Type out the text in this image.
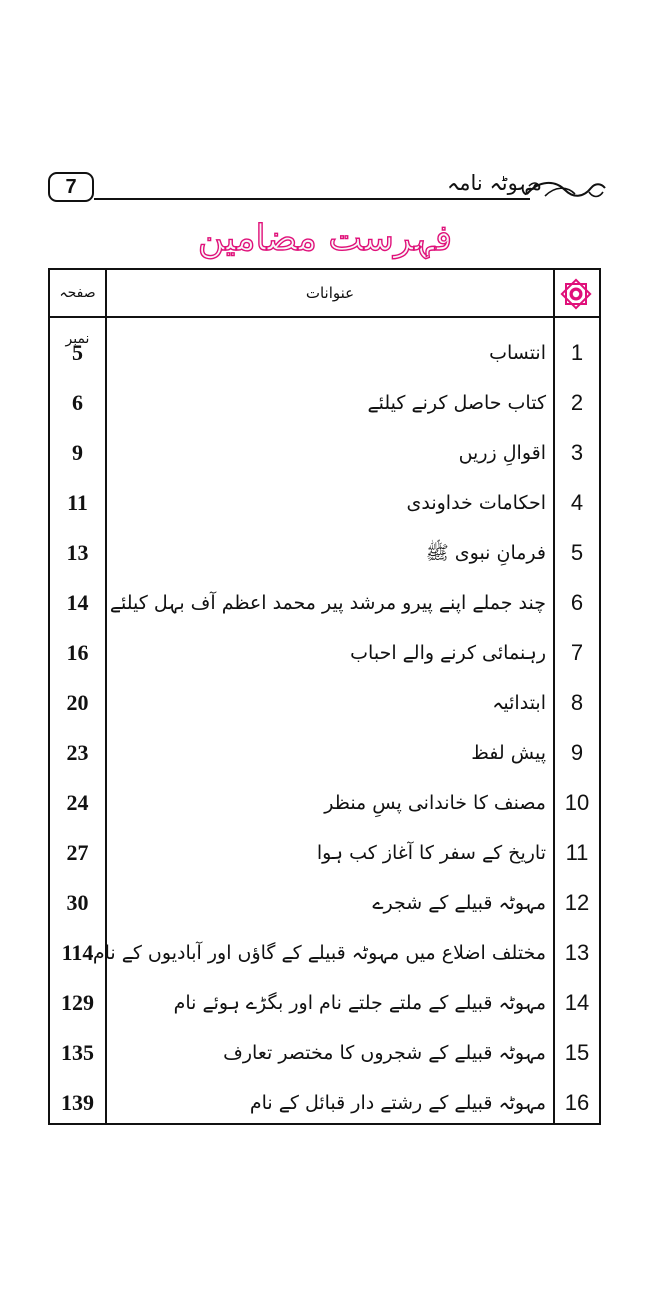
7	مہوٹہ نامہ
فہرست مضامین
صفحہ نمبر
عنوانات
5	انتساب	1
6	کتاب حاصل کرنے کیلئے	2
9	اقوالِ زریں	3
11	احکامات خداوندی	4
13	فرمانِ نبوی ﷺ	5
14	چند جملے اپنے پیرو مرشد پیر محمد اعظم آف بہل کیلئے	6
16	رہنمائی کرنے والے احباب	7
20	ابتدائیہ	8
23	پیش لفظ	9
24	مصنف کا خاندانی پسِ منظر 10
27	تاریخ کے سفر کا آغاز کب ہوا 11
30	مہوٹہ قبیلے کے شجرے 12
114 مختلف اضلاع میں مہوٹہ قبیلے کے گاؤں اور آبادیوں کے نام 13
129	مہوٹہ قبیلے کے ملتے جلتے نام اور بگڑے ہوئے نام 14
135	مہوٹہ قبیلے کے شجروں کا مختصر تعارف 15
139	مہوٹہ قبیلے کے رشتے دار قبائل کے نام 16
